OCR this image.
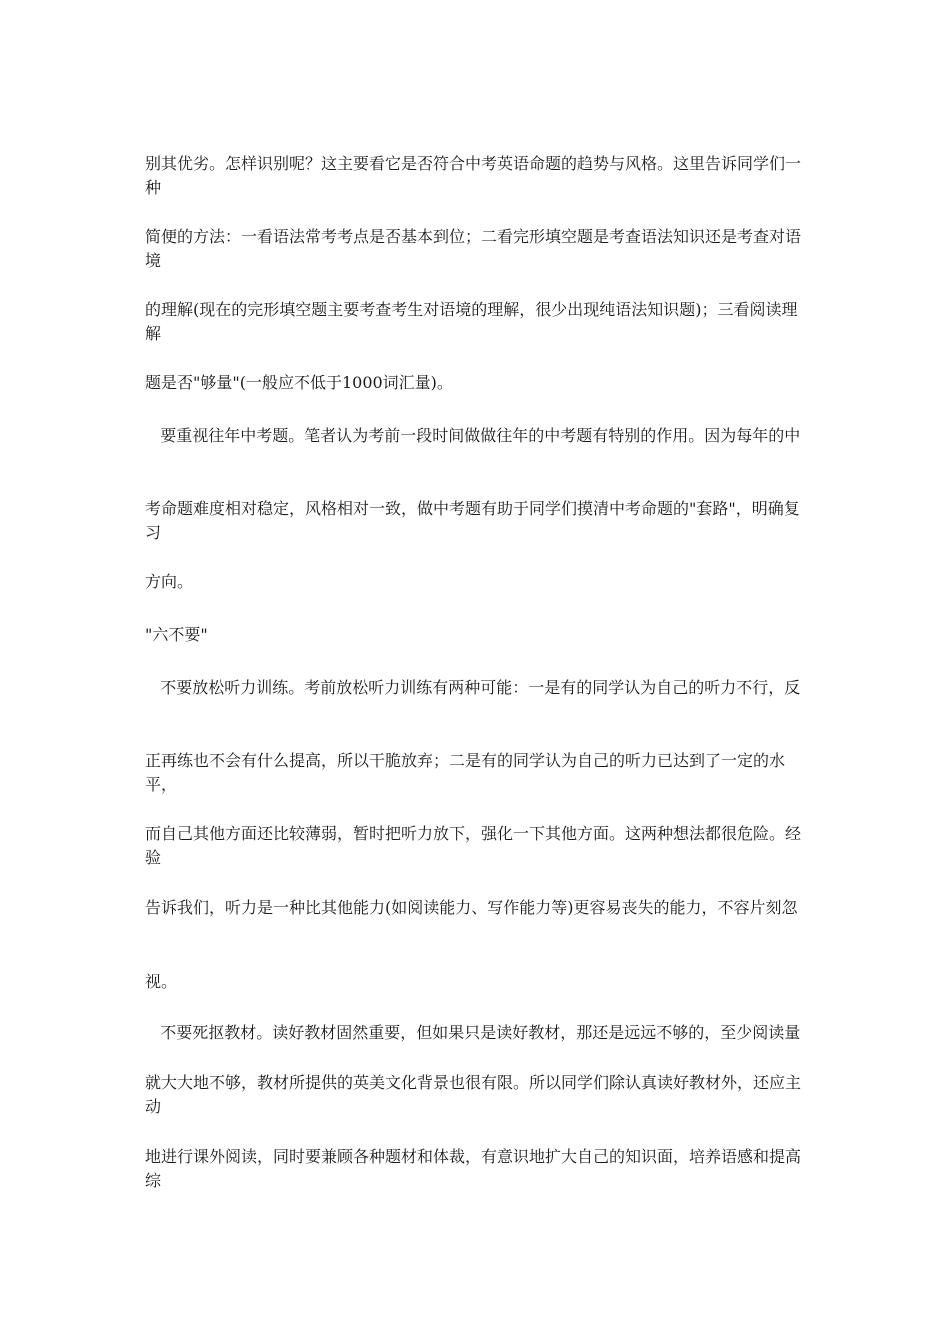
别其优劣。怎样识别呢？这主要看它是否符合中考英语命题的趋势与风格。这里告诉同学们一种
简便的方法：一看语法常考考点是否基本到位；二看完形填空题是考查语法知识还是考查对语境
的理解(现在的完形填空题主要考查考生对语境的理解，很少出现纯语法知识题)；三看阅读理解
题是否"够量"(一般应不低于1000词汇量)。
要重视往年中考题。笔者认为考前一段时间做做往年的中考题有特别的作用。因为每年的中
考命题难度相对稳定，风格相对一致，做中考题有助于同学们摸清中考命题的"套路"，明确复习
方向。
"六不要"
不要放松听力训练。考前放松听力训练有两种可能：一是有的同学认为自己的听力不行，反
正再练也不会有什么提高，所以干脆放弃；二是有的同学认为自己的听力已达到了一定的水平，
而自己其他方面还比较薄弱，暂时把听力放下，强化一下其他方面。这两种想法都很危险。经验
告诉我们，听力是一种比其他能力(如阅读能力、写作能力等)更容易丧失的能力，不容片刻忽
视。
不要死抠教材。读好教材固然重要，但如果只是读好教材，那还是远远不够的，至少阅读量
就大大地不够，教材所提供的英美文化背景也很有限。所以同学们除认真读好教材外，还应主动
地进行课外阅读，同时要兼顾各种题材和体裁，有意识地扩大自己的知识面，培养语感和提高综
